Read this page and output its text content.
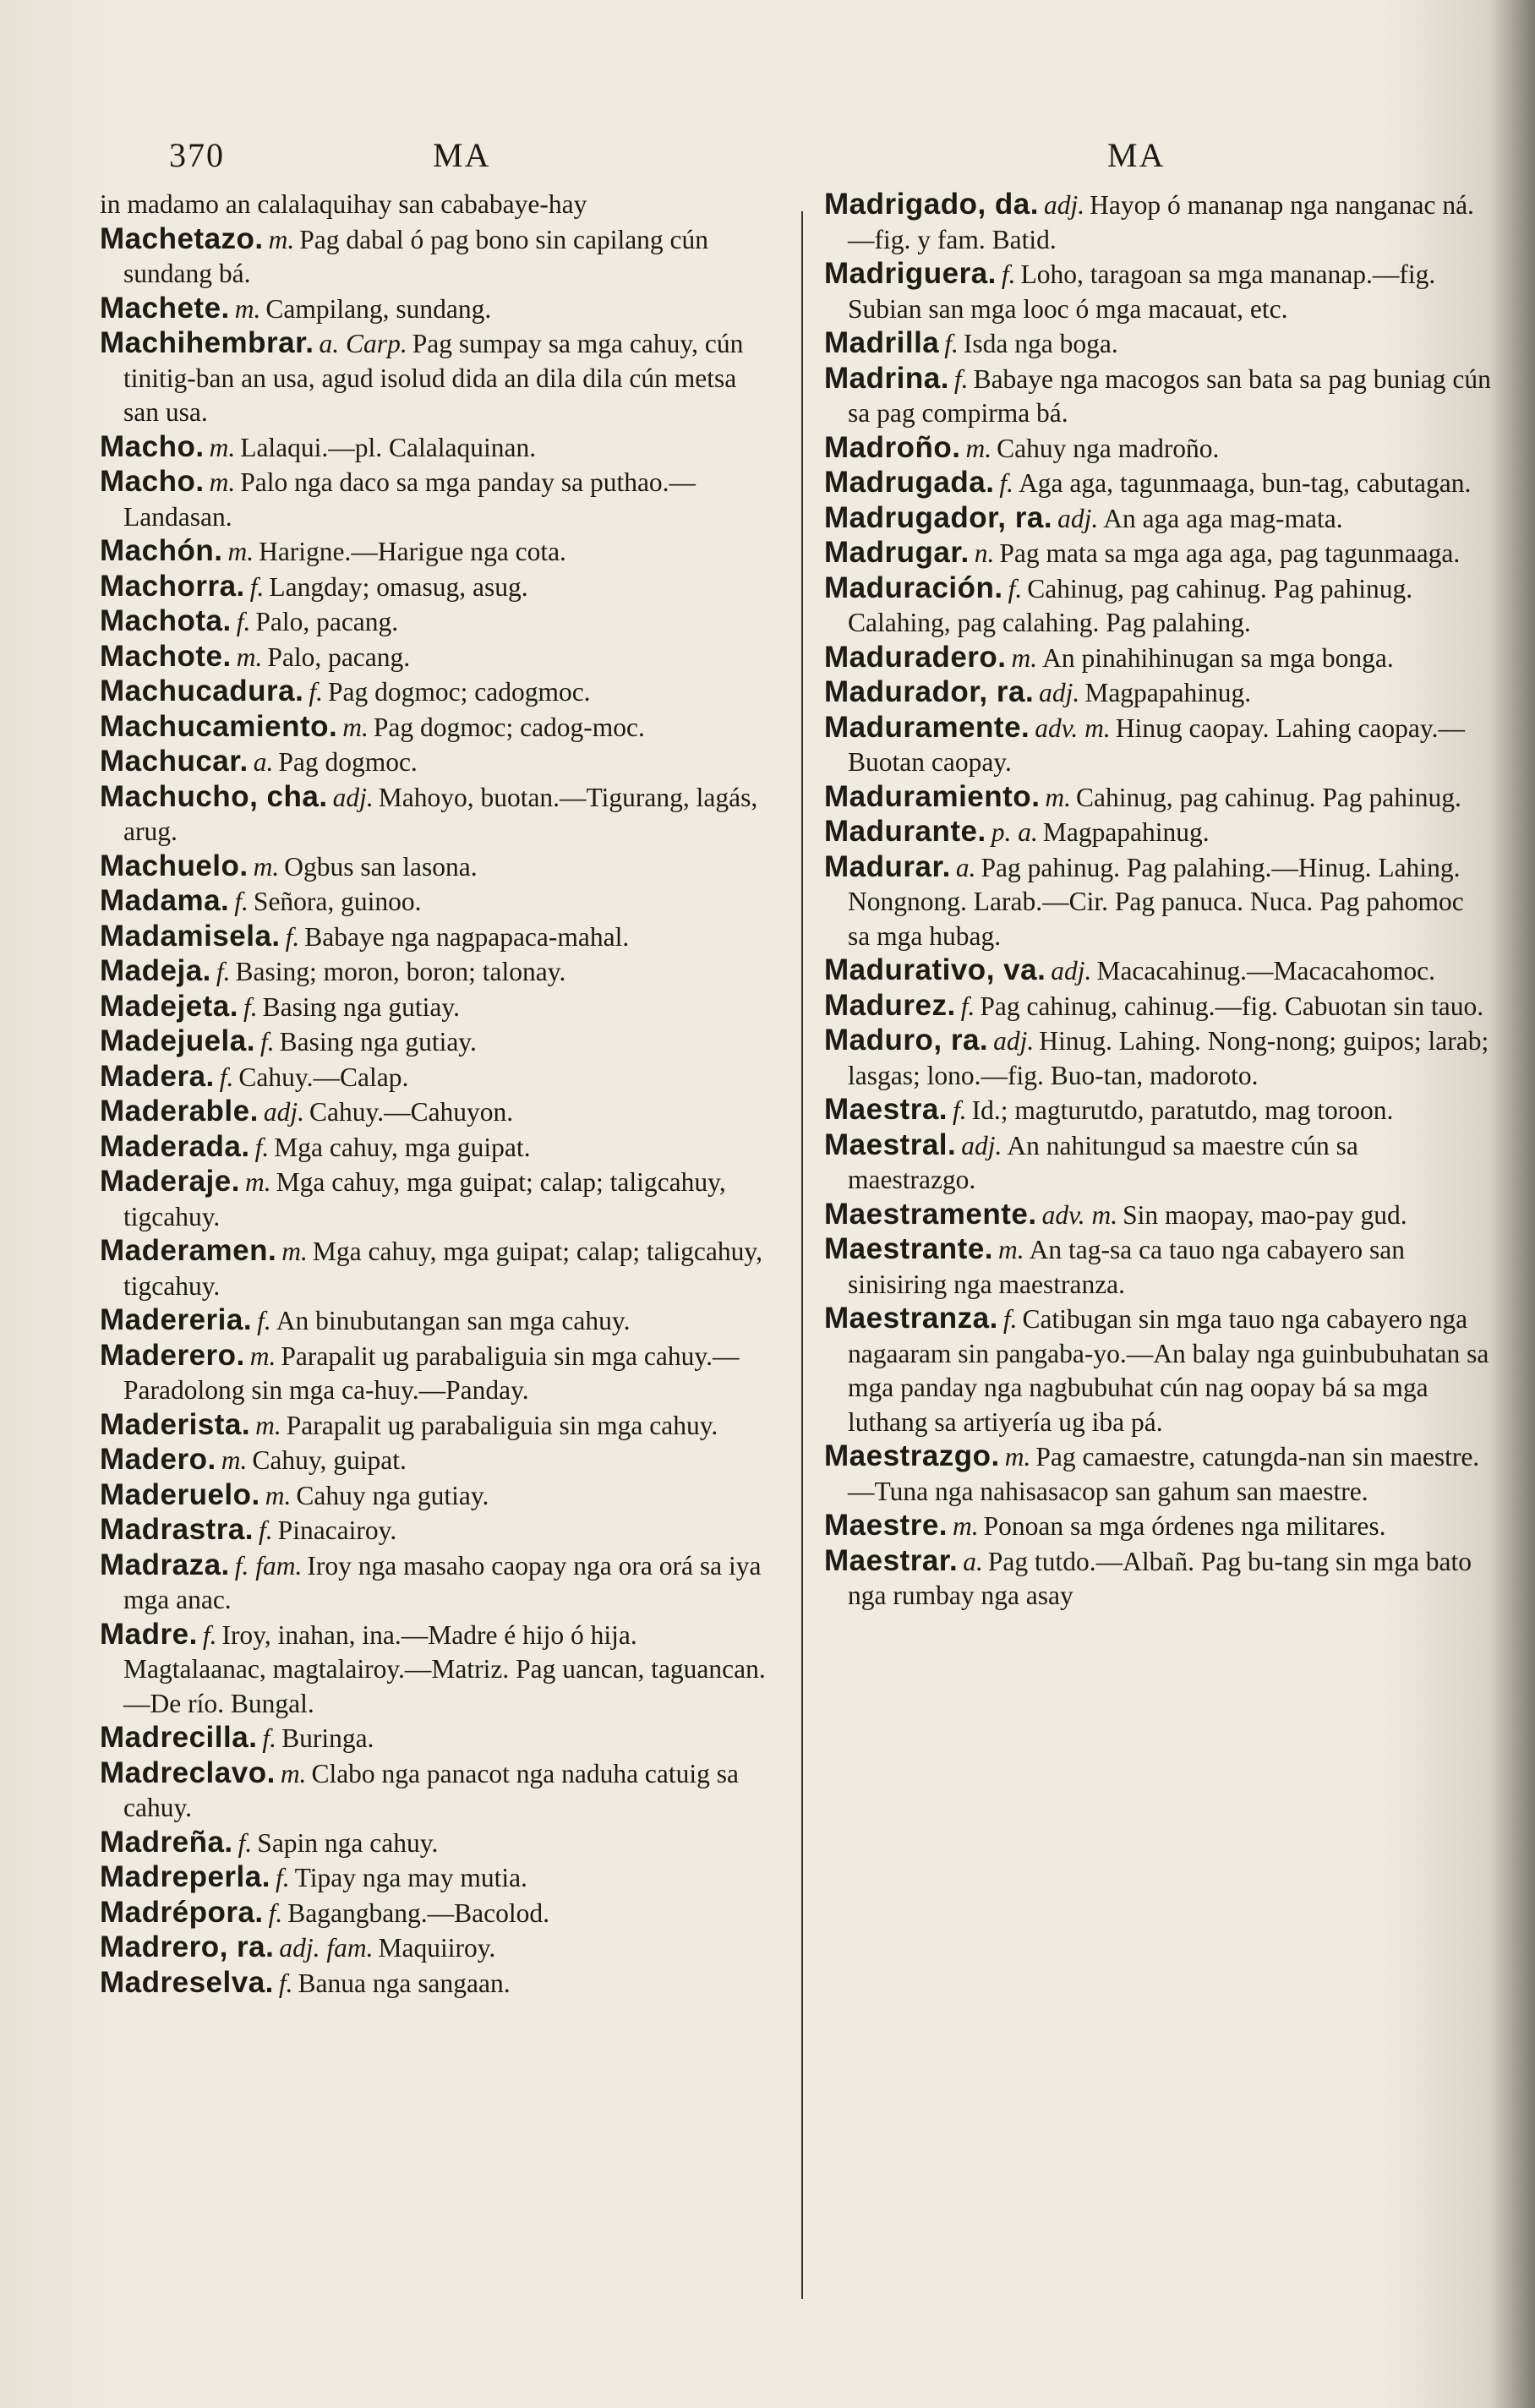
370	MA	MA

in madamo an calalaquihay san cababaye-hay

Machetazo. m. Pag dabal ó pag bono sin capilang cún sundang bá.

Machete. m. Campilang, sundang.

Machihembrar. a. Carp. Pag sumpay sa mga cahuy, cún tinitig-ban an usa, agud isolud dida an dila dila cún metsa san usa.

Macho. m. Lalaqui.—pl. Calalaquinan.

Macho. m. Palo nga daco sa mga panday sa puthao.—Landasan.

Machón. m. Harigne.—Harigue nga cota.

Machorra. f. Langday; omasug, asug.

Machota. f. Palo, pacang.

Machote. m. Palo, pacang.

Machucadura. f. Pag dogmoc; cadogmoc.

Machucamiento. m. Pag dogmoc; cadog-moc.

Machucar. a. Pag dogmoc.

Machucho, cha. adj. Mahoyo, buotan.—Tigurang, lagás, arug.

Machuelo. m. Ogbus san lasona.

Madama. f. Señora, guinoo.

Madamisela. f. Babaye nga nagpapaca-mahal.

Madeja. f. Basing; moron, boron; talonay.

Madejeta. f. Basing nga gutiay.

Madejuela. f. Basing nga gutiay.

Madera. f. Cahuy.—Calap.

Maderable. adj. Cahuy.—Cahuyon.

Maderada. f. Mga cahuy, mga guipat.

Maderaje. m. Mga cahuy, mga guipat; calap; taligcahuy, tigcahuy.

Maderamen. m. Mga cahuy, mga guipat; calap; taligcahuy, tigcahuy.

Madereria. f. An binubutangan san mga cahuy.

Maderero. m. Parapalit ug parabaliguia sin mga cahuy.—Paradolong sin mga ca-huy.—Panday.

Maderista. m. Parapalit ug parabaliguia sin mga cahuy.

Madero. m. Cahuy, guipat.

Maderuelo. m. Cahuy nga gutiay.

Madrastra. f. Pinacairoy.

Madraza. f. fam. Iroy nga masaho caopay nga ora orá sa iya mga anac.

Madre. f. Iroy, inahan, ina.—Madre é hijo ó hija. Magtalaanac, magtalairoy.—Matriz. Pag uancan, taguancan.—De río. Bungal.

Madrecilla. f. Buringa.

Madreclavo. m. Clabo nga panacot nga naduha catuig sa cahuy.

Madreña. f. Sapin nga cahuy.

Madreperla. f. Tipay nga may mutia.

Madrépora. f. Bagangbang.—Bacolod.

Madrero, ra. adj. fam. Maquiiroy.

Madreselva. f. Banua nga sangaan.

Madrigado, da. adj. Hayop ó mananap nga nanganac ná.—fig. y fam. Batid.

Madriguera. f. Loho, taragoan sa mga mananap.—fig. Subian san mga looc ó mga macauat, etc.

Madrilla f. Isda nga boga.

Madrina. f. Babaye nga macogos san bata sa pag buniag cún sa pag compirma bá.

Madroño. m. Cahuy nga madroño.

Madrugada. f. Aga aga, tagunmaaga, bun-tag, cabutagan.

Madrugador, ra. adj. An aga aga mag-mata.

Madrugar. n. Pag mata sa mga aga aga, pag tagunmaaga.

Maduración. f. Cahinug, pag cahinug. Pag pahinug. Calahing, pag calahing. Pag palahing.

Maduradero. m. An pinahihinugan sa mga bonga.

Madurador, ra. adj. Magpapahinug.

Maduramente. adv. m. Hinug caopay. Lahing caopay.—Buotan caopay.

Maduramiento. m. Cahinug, pag cahinug. Pag pahinug.

Madurante. p. a. Magpapahinug.

Madurar. a. Pag pahinug. Pag palahing.—Hinug. Lahing. Nongnong. Larab.—Cir. Pag panuca. Nuca. Pag pahomoc sa mga hubag.

Madurativo, va. adj. Macacahinug.—Macacahomoc.

Madurez. f. Pag cahinug, cahinug.—fig. Cabuotan sin tauo.

Maduro, ra. adj. Hinug. Lahing. Nong-nong; guipos; larab; lasgas; lono.—fig. Buo-tan, madoroto.

Maestra. f. Id.; magturutdo, paratutdo, mag toroon.

Maestral. adj. An nahitungud sa maestre cún sa maestrazgo.

Maestramente. adv. m. Sin maopay, mao-pay gud.

Maestrante. m. An tag-sa ca tauo nga cabayero san sinisiring nga maestranza.

Maestranza. f. Catibugan sin mga tauo nga cabayero nga nagaaram sin pangaba-yo.—An balay nga guinbubuhatan sa mga panday nga nagbubuhat cún nag oopay bá sa mga luthang sa artiyería ug iba pá.

Maestrazgo. m. Pag camaestre, catungda-nan sin maestre.—Tuna nga nahisasacop san gahum san maestre.

Maestre. m. Ponoan sa mga órdenes nga militares.

Maestrar. a. Pag tutdo.—Albañ. Pag bu-tang sin mga bato nga rumbay nga asay
